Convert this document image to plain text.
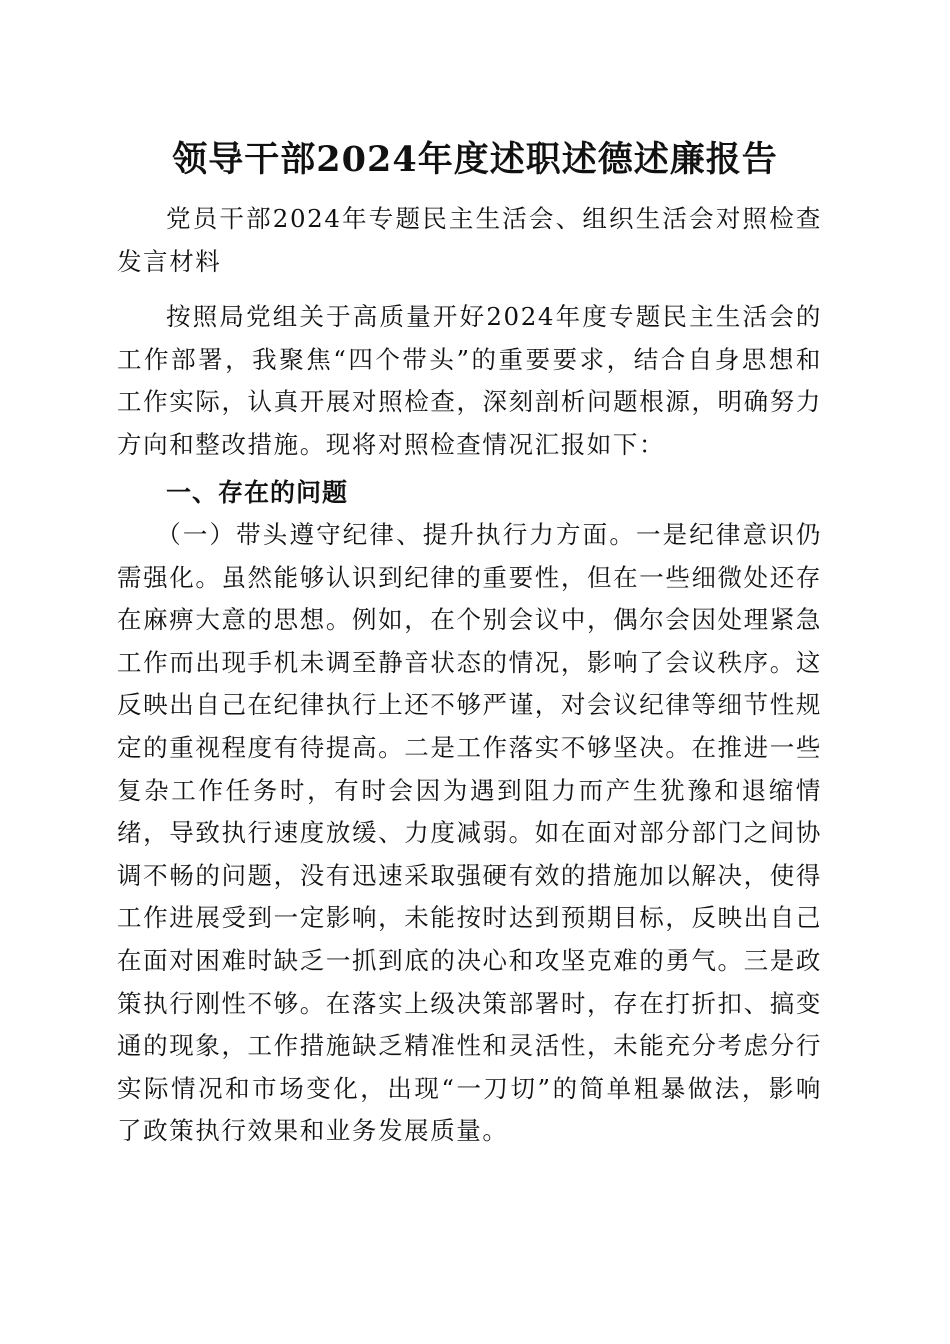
领导干部2024年度述职述德述廉报告

党员干部2024年专题民主生活会、组织生活会对照检查发言材料

按照局党组关于高质量开好2024年度专题民主生活会的工作部署，我聚焦“四个带头”的重要要求，结合自身思想和工作实际，认真开展对照检查，深刻剖析问题根源，明确努力方向和整改措施。现将对照检查情况汇报如下：

一、存在的问题

（一）带头遵守纪律、提升执行力方面。一是纪律意识仍需强化。虽然能够认识到纪律的重要性，但在一些细微处还存在麻痹大意的思想。例如，在个别会议中，偶尔会因处理紧急工作而出现手机未调至静音状态的情况，影响了会议秩序。这反映出自己在纪律执行上还不够严谨，对会议纪律等细节性规定的重视程度有待提高。二是工作落实不够坚决。在推进一些复杂工作任务时，有时会因为遇到阻力而产生犹豫和退缩情绪，导致执行速度放缓、力度减弱。如在面对部分部门之间协调不畅的问题，没有迅速采取强硬有效的措施加以解决，使得工作进展受到一定影响，未能按时达到预期目标，反映出自己在面对困难时缺乏一抓到底的决心和攻坚克难的勇气。三是政策执行刚性不够。在落实上级决策部署时，存在打折扣、搞变通的现象，工作措施缺乏精准性和灵活性，未能充分考虑分行实际情况和市场变化，出现“一刀切”的简单粗暴做法，影响了政策执行效果和业务发展质量。
